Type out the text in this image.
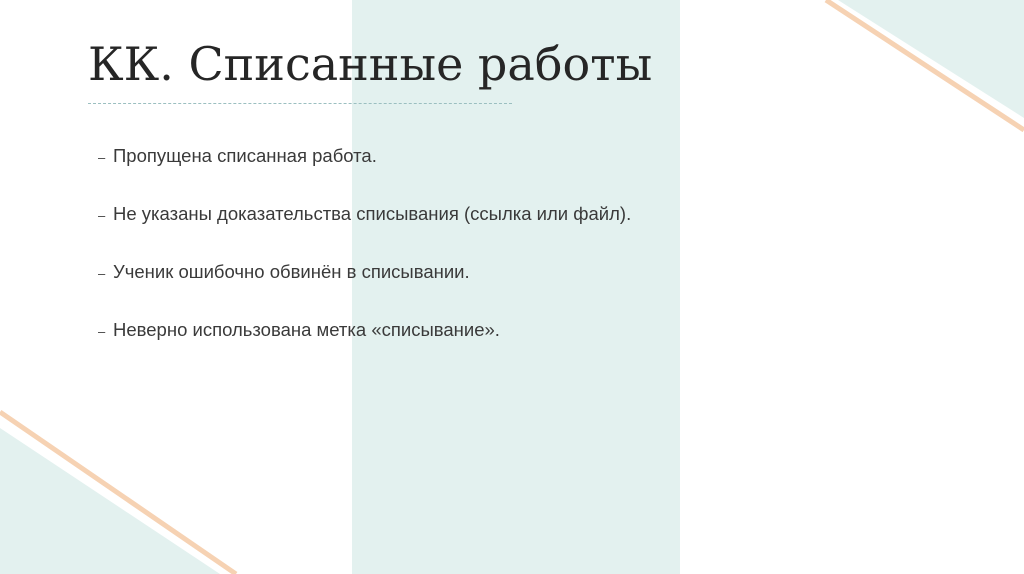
КК. Списанные работы
– Пропущена списанная работа.
– Не указаны доказательства списывания (ссылка или файл).
– Ученик ошибочно обвинён в списывании.
– Неверно использована метка «списывание».
